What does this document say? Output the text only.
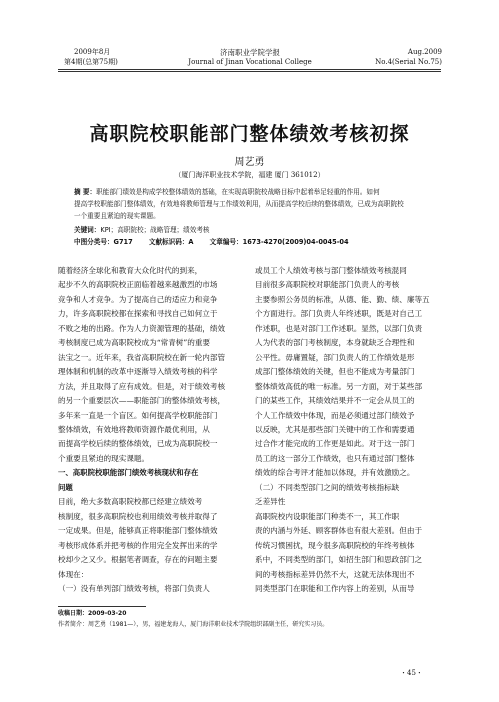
2009年8月
第4期(总第75期)
济南职业学院学报
Journal of Jinan Vocational College
Aug.2009
No.4(Serial No.75)
高职院校职能部门整体绩效考核初探
周艺勇
（厦门海洋职业技术学院，福建 厦门 361012）
摘 要：职能部门绩效是构成学校整体绩效的基础，在实现高职院校战略目标中起着举足轻重的作用。如何
提高学校职能部门整体绩效，有效地将教师管理与工作绩效利用，从而提高学校后续的整体绩效，已成为高职院校
一个重要且紧迫的现实课题。
关键词：KPI；高职院校；战略管理；绩效考核
中图分类号：G717 文献标识码：A 文章编号：1673-4270(2009)04-0045-04

随着经济全球化和教育大众化时代的到来，

起步不久的高职院校正面临着越来越激烈的市场

竞争和人才竞争。为了提高自己的适应力和竞争

力，许多高职院校都在探索和寻找自己如何立于

不败之地的出路。作为人力资源管理的基础，绩效

考核制度已成为高职院校成为“常青树”的重要

法宝之一。近年来，我省高职院校在新一轮内部管

理体制和机制的改革中逐渐导入绩效考核的科学

方法，并且取得了应有成效。但是，对于绩效考核

的另一个重要层次——职能部门的整体绩效考核，

多年来一直是一个盲区。如何提高学校职能部门

整体绩效，有效地将教师资源作最优利用，从

而提高学校后续的整体绩效，已成为高职院校一

个重要且紧迫的现实课题。

一、高职院校职能部门绩效考核现状和存在

问题

目前，绝大多数高职院校都已经建立绩效考

核制度，很多高职院校也利用绩效考核并取得了

一定成果。但是，能够真正将职能部门整体绩效

考核形成体系并把考核的作用完全发挥出来的学

校却少之又少。根据笔者调查，存在的问题主要

体现在：

（一）没有单列部门绩效考核，将部门负责人

或员工个人绩效考核与部门整体绩效考核混同

目前很多高职院校对职能部门负责人的考核

主要参照公务员的标准，从德、能、勤、绩、廉等五

个方面进行。部门负责人年终述职，既是对自己工

作述职，也是对部门工作述职。显然，以部门负责

人为代表的部门考核制度，本身就缺乏合理性和

公平性。毋庸置疑，部门负责人的工作绩效是形

成部门整体绩效的关键，但也不能成为考量部门

整体绩效高低的唯一标准。另一方面，对于某些部

门的某些工作，其绩效结果并不一定会从员工的

个人工作绩效中体现，而是必须通过部门绩效予

以反映，尤其是那些部门关键中的工作和需要通

过合作才能完成的工作更是如此。对于这一部门

员工的这一部分工作绩效，也只有通过部门整体

绩效的综合考评才能加以体现，并有效激励之。

（二）不同类型部门之间的绩效考核指标缺

乏差异性

高职院校内设职能部门种类不一，其工作职

责的内涵与外延、顾客群体也有很大差别。但由于

传统习惯困扰，现今很多高职院校的年终考核体

系中，不同类型的部门，如招生部门和思政部门之

间的考核指标差异仍然不大，这就无法体现出不

同类型部门在职能和工作内容上的差别，从而导

收稿日期：2009-03-20
作者简介：周艺勇（1981—），男，福建龙海人，厦门海洋职业技术学院组织部副主任，研究实习员。
・45・
